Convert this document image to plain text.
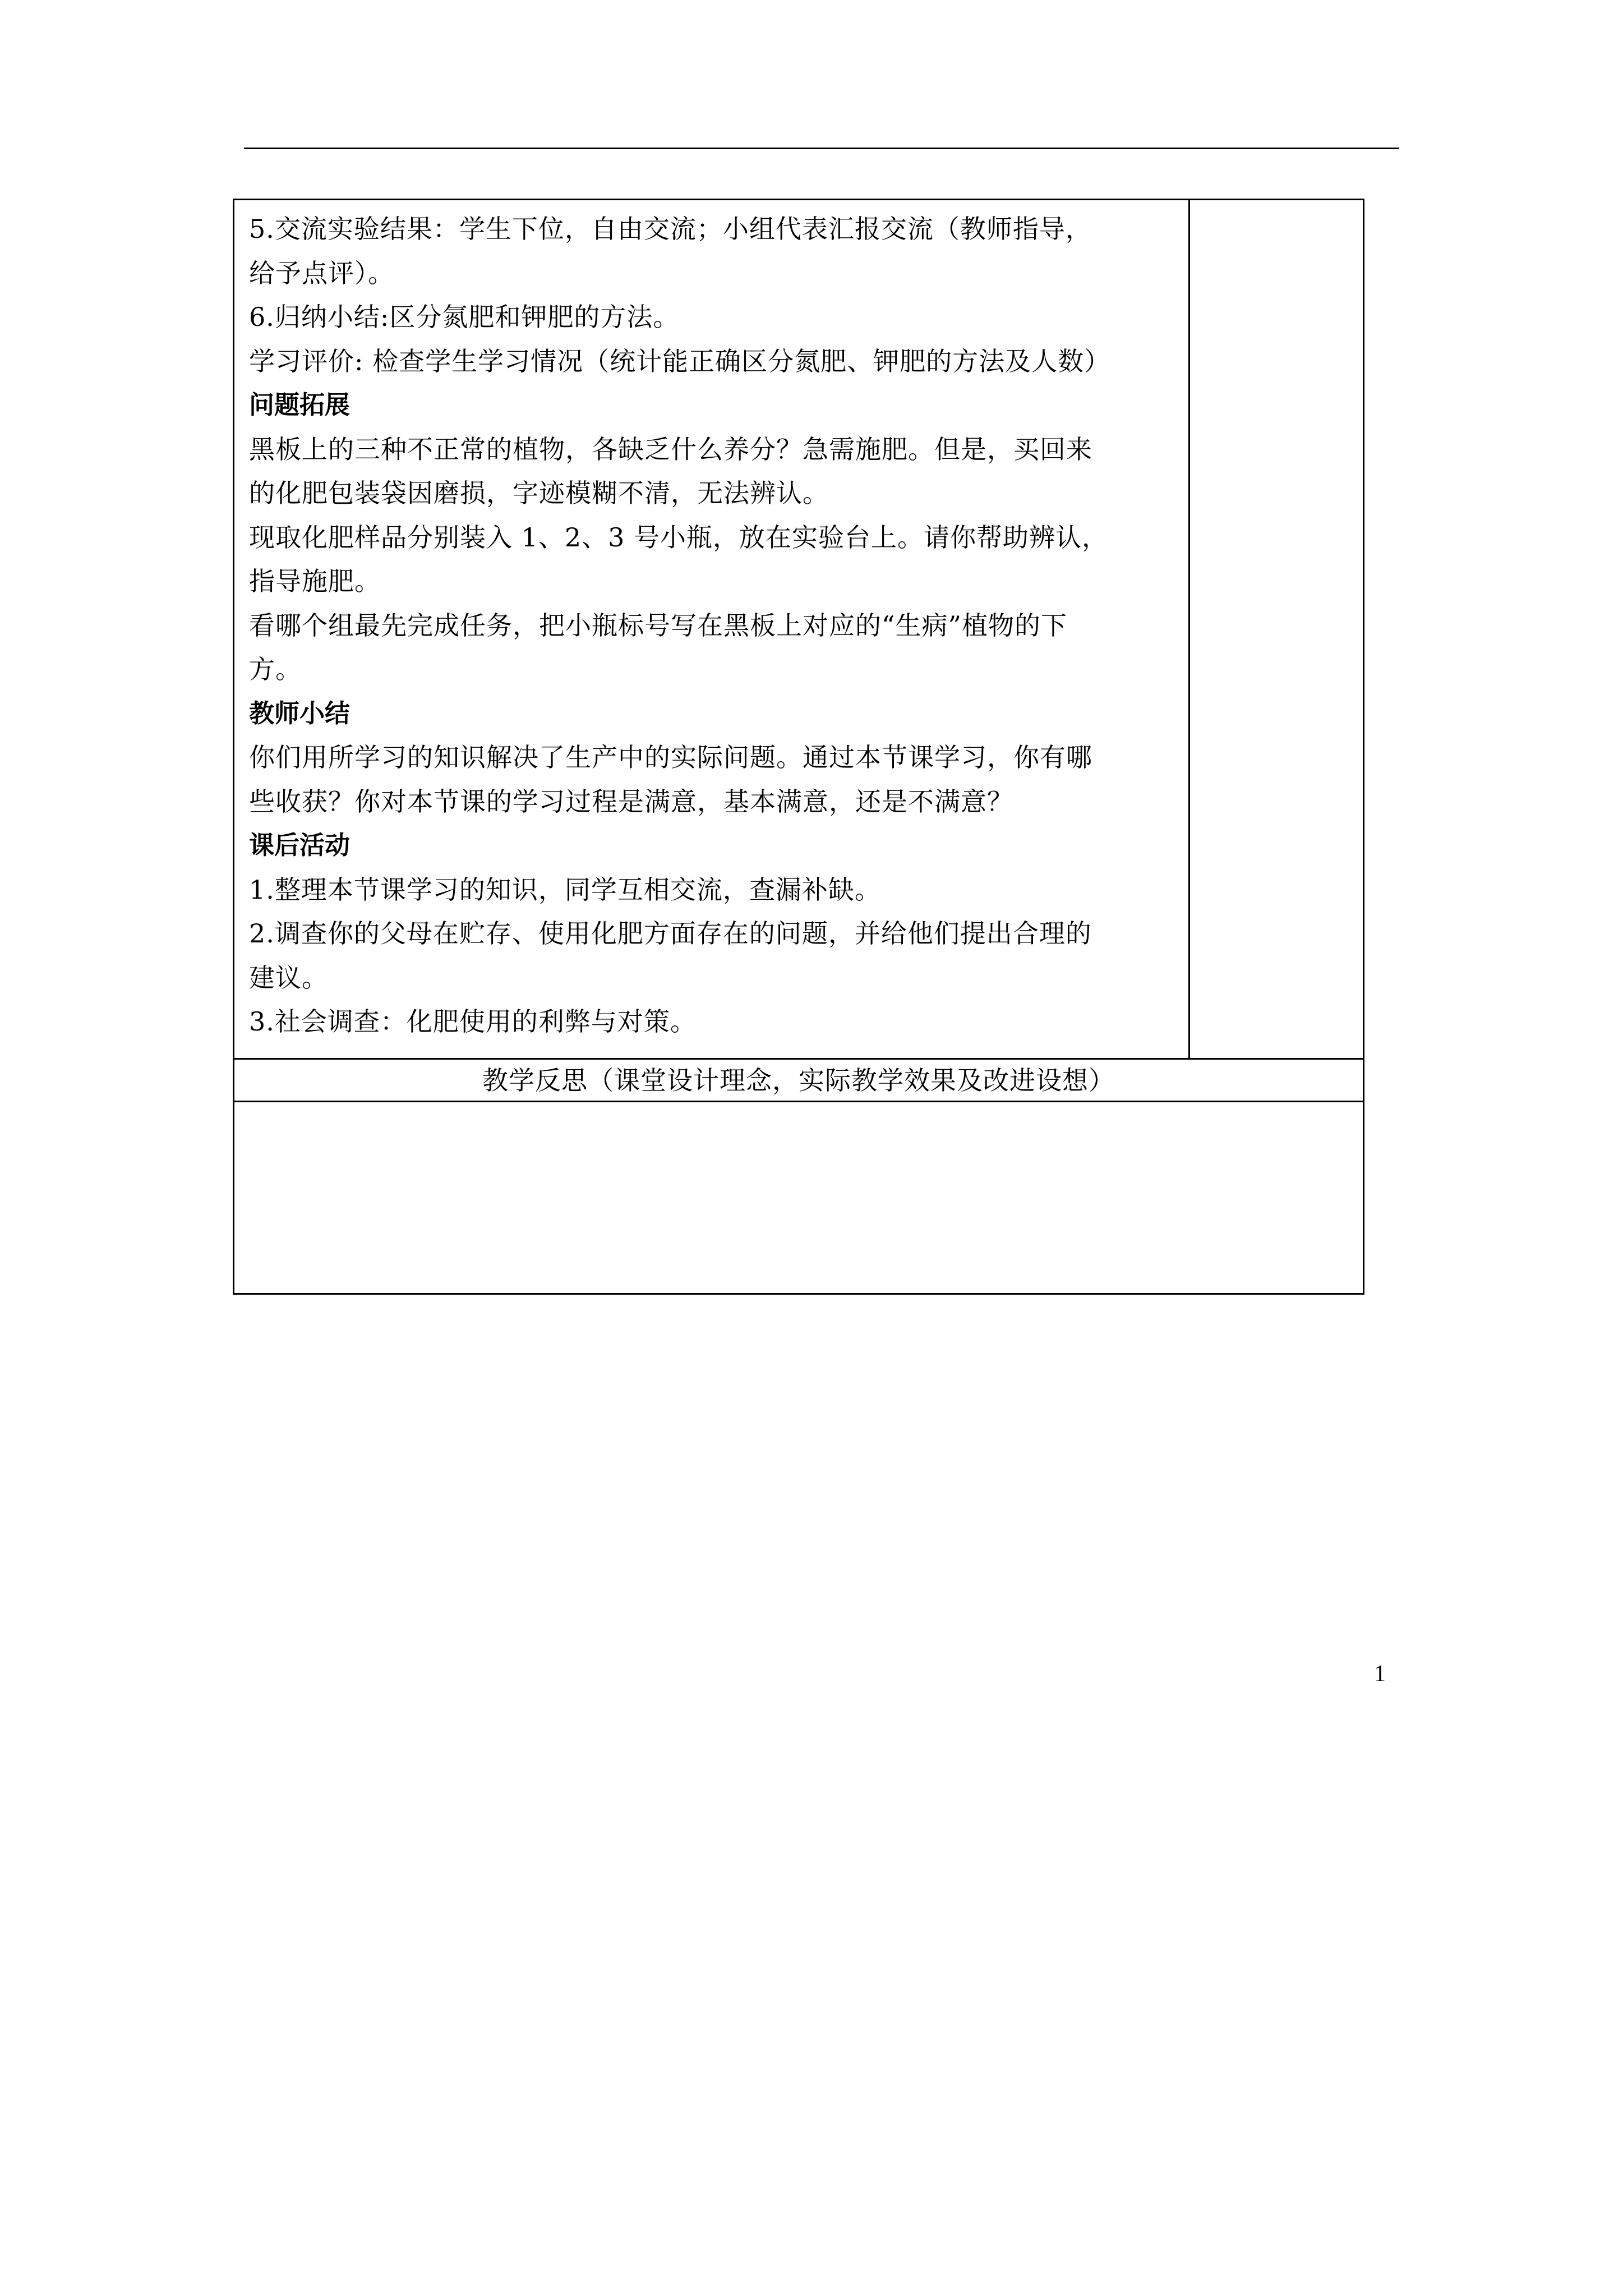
5.交流实验结果：学生下位，自由交流；小组代表汇报交流（教师指导，
给予点评）。
6.归纳小结:区分氮肥和钾肥的方法。
学习评价: 检查学生学习情况（统计能正确区分氮肥、钾肥的方法及人数）
问题拓展
黑板上的三种不正常的植物，各缺乏什么养分？急需施肥。但是，买回来
的化肥包装袋因磨损，字迹模糊不清，无法辨认。
现取化肥样品分别装入 1、2、3 号小瓶，放在实验台上。请你帮助辨认，
指导施肥。
看哪个组最先完成任务，把小瓶标号写在黑板上对应的“生病”植物的下
方。
教师小结
你们用所学习的知识解决了生产中的实际问题。通过本节课学习，你有哪
些收获？你对本节课的学习过程是满意，基本满意，还是不满意？
课后活动
1.整理本节课学习的知识，同学互相交流，查漏补缺。
2.调查你的父母在贮存、使用化肥方面存在的问题，并给他们提出合理的
建议。
3.社会调查：化肥使用的利弊与对策。

教学反思（课堂设计理念，实际教学效果及改进设想）

1
